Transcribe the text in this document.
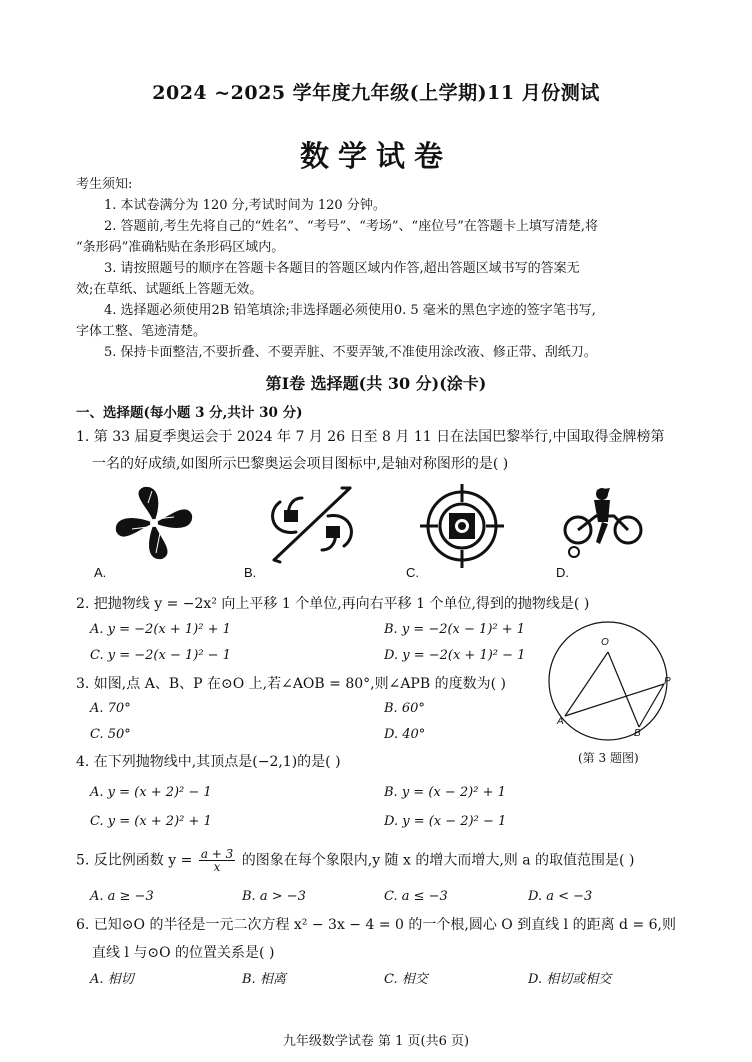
2024 ~2025 学年度九年级(上学期)11 月份测试
数学试卷
考生须知:
1. 本试卷满分为 120 分,考试时间为 120 分钟。
2. 答题前,考生先将自己的“姓名”、“考号”、“考场”、“座位号”在答题卡上填写清楚,将
“条形码”准确粘贴在条形码区域内。
3. 请按照题号的顺序在答题卡各题目的答题区域内作答,超出答题区域书写的答案无
效;在草纸、试题纸上答题无效。
4. 选择题必须使用2B 铅笔填涂;非选择题必须使用0. 5 毫米的黑色字迹的签字笔书写,
字体工整、笔迹清楚。
5. 保持卡面整洁,不要折叠、不要弄脏、不要弄皱,不准使用涂改液、修正带、刮纸刀。
第Ⅰ卷 选择题(共 30 分)(涂卡)
一、选择题(每小题 3 分,共计 30 分)
1. 第 33 届夏季奥运会于 2024 年 7 月 26 日至 8 月 11 日在法国巴黎举行,中国取得金牌榜第
一名的好成绩,如图所示巴黎奥运会项目图标中,是轴对称图形的是( )
A.	B.	C.	D.
2. 把抛物线 y = −2x² 向上平移 1 个单位,再向右平移 1 个单位,得到的抛物线是( )
A. y = −2(x + 1)² + 1	B. y = −2(x − 1)² + 1
C. y = −2(x − 1)² − 1	D. y = −2(x + 1)² − 1
3. 如图,点 A、B、P 在⊙O 上,若∠AOB = 80°,则∠APB 的度数为( )
A. 70°	B. 60°
C. 50°	D. 40°
O
A
B
P
(第 3 题图)
4. 在下列抛物线中,其顶点是(−2,1)的是( )
A. y = (x + 2)² − 1	B. y = (x − 2)² + 1
C. y = (x + 2)² + 1	D. y = (x − 2)² − 1
5. 反比例函数 $y = \frac{a + 3}{x}$ 的图象在每个象限内,y 随 x 的增大而增大,则 a 的取值范围是( )
A. a ≥ −3	B. a > −3	C. a ≤ −3	D. a < −3
6. 已知⊙O 的半径是一元二次方程 x² − 3x − 4 = 0 的一个根,圆心 O 到直线 l 的距离 d = 6,则
直线 l 与⊙O 的位置关系是( )
A. 相切	B. 相离	C. 相交	D. 相切或相交
九年级数学试卷 第 1 页(共6 页)
